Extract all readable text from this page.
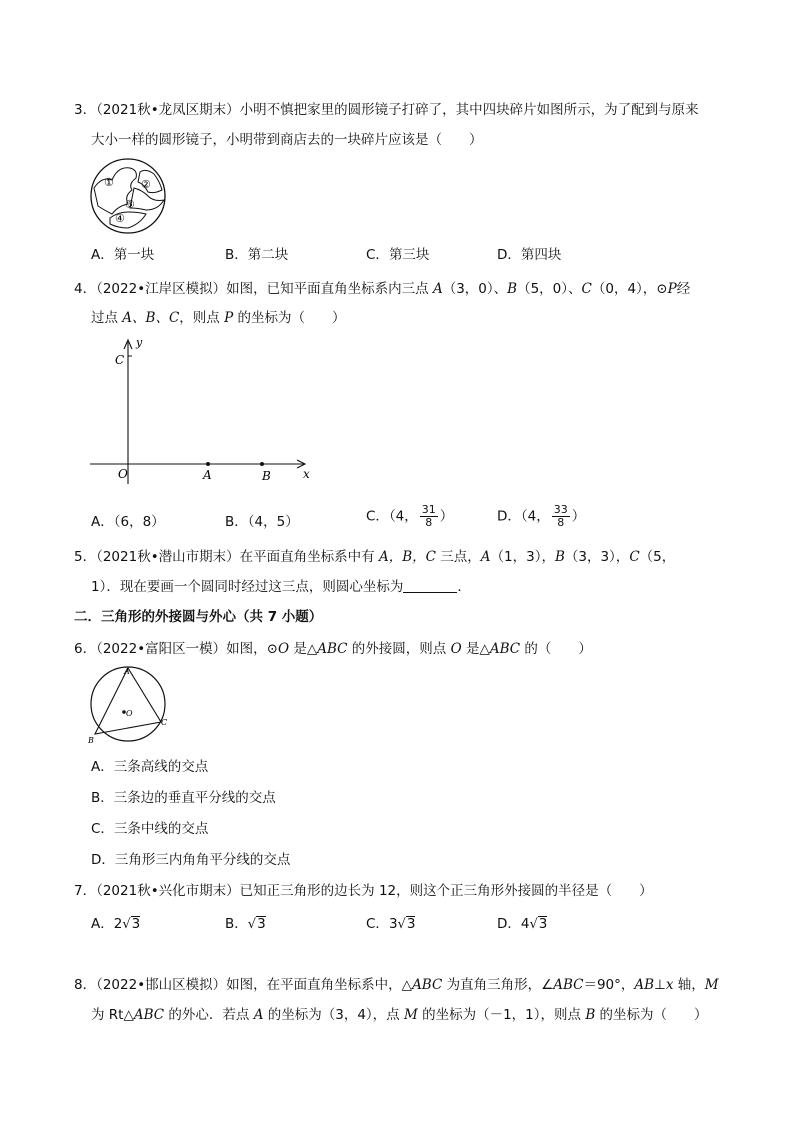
3．（2021秋•龙凤区期末）小明不慎把家里的圆形镜子打碎了，其中四块碎片如图所示，为了配到与原来
大小一样的圆形镜子，小明带到商店去的一块碎片应该是（　　）
① ②
③
④
A．第一块	B．第二块	C．第三块	D．第四块
4．（2022•江岸区模拟）如图，已知平面直角坐标系内三点 A（3，0）、B（5，0）、C（0，4），⊙P经
过点 A、B、C，则点 P 的坐标为（　　）
y
C
O	A	B	x
A．（6，8）	B．（4，5）	C．（4， $\frac{31}{8}$ ）	D．（4， $\frac{33}{8}$ ）
5．（2021秋•潜山市期末）在平面直角坐标系中有 A，B，C 三点，A（1，3），B（3，3），C（5，
1）．现在要画一个圆同时经过这三点，则圆心坐标为	．
二．三角形的外接圆与外心（共 7 小题）
6．（2022•富阳区一模）如图，⊙O 是△ABC 的外接圆，则点 O 是△ABC 的（　　）
A
B
C
O
A．三条高线的交点
B．三条边的垂直平分线的交点
C．三条中线的交点
D．三角形三内角角平分线的交点
7．（2021秋•兴化市期末）已知正三角形的边长为 12，则这个正三角形外接圆的半径是（　　）
A．2√3	B．√3	C．3√3	D．4√3
8．（2022•邯山区模拟）如图，在平面直角坐标系中，△ABC 为直角三角形，∠ABC＝90°，AB⊥x 轴，M
为 Rt△ABC 的外心．若点 A 的坐标为（3，4），点 M 的坐标为（－1，1），则点 B 的坐标为（　　）
